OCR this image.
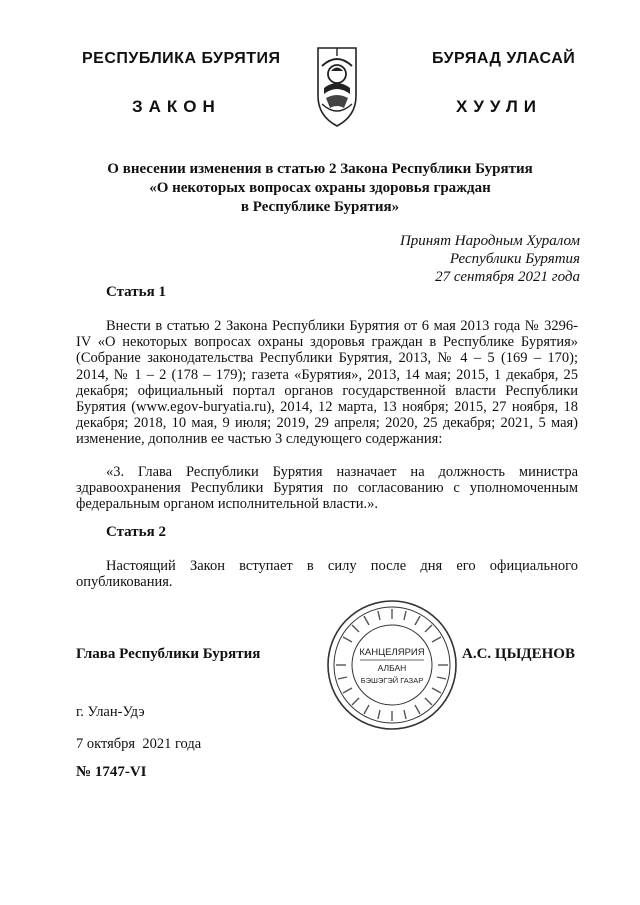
РЕСПУБЛИКА БУРЯТИЯ
ЗАКОН
БУРЯАД УЛАСАЙ
ХУУЛИ
О внесении изменения в статью 2 Закона Республики Бурятия
«О некоторых вопросах охраны здоровья граждан
в Республике Бурятия»
Принят Народным Хуралом
Республики Бурятия
27 сентября 2021 года
Статья 1

Внести в статью 2 Закона Республики Бурятия от 6 мая 2013 года № 3296-IV «О некоторых вопросах охраны здоровья граждан в Республике Бурятия» (Собрание законодательства Республики Бурятия, 2013, № 4 – 5 (169 – 170); 2014, № 1 – 2 (178 – 179); газета «Бурятия», 2013, 14 мая; 2015, 1 декабря, 25 декабря; официальный портал органов государственной власти Республики Бурятия (www.egov-buryatia.ru), 2014, 12 марта, 13 ноября; 2015, 27 ноября, 18 декабря; 2018, 10 мая, 9 июля; 2019, 29 апреля; 2020, 25 декабря; 2021, 5 мая) изменение, дополнив ее частью 3 следующего содержания:

«3. Глава Республики Бурятия назначает на должность министра здравоохранения Республики Бурятия по согласованию с уполномоченным федеральным органом исполнительной власти.».

Статья 2

Настоящий Закон вступает в силу после дня его официального опубликования.

Глава Республики Бурятия	КАНЦЕЛЯРИЯ
АЛБАН
БЭШЭГЭЙ ГАЗАР
А.С. ЦЫДЕНОВ
г. Улан-Удэ
7 октября  2021 года
№ 1747-VI
